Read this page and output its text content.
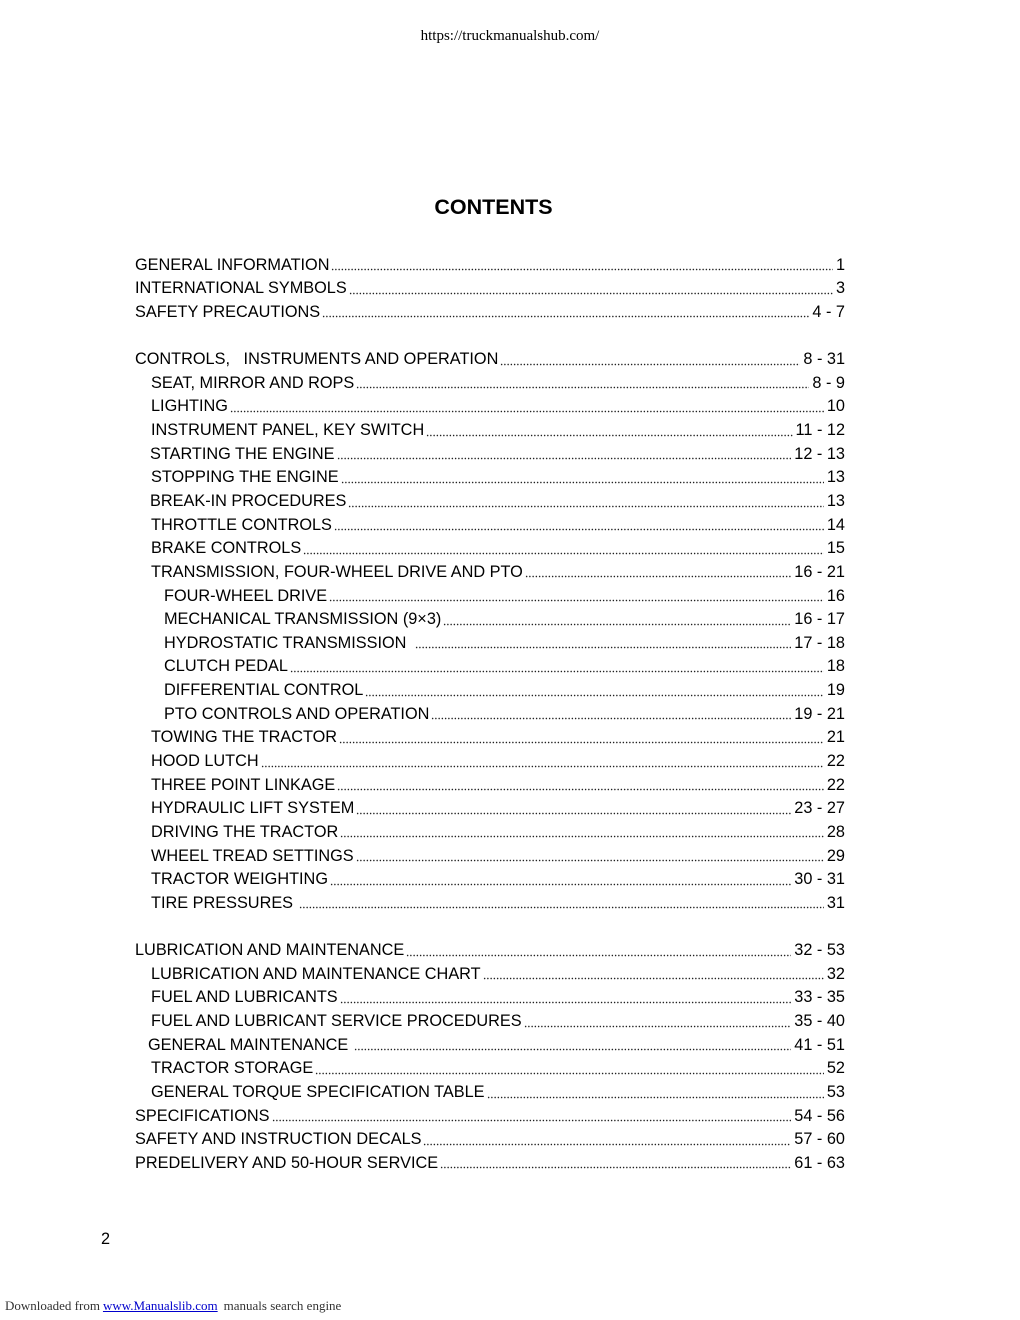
https://truckmanualshub.com/
CONTENTS
GENERAL INFORMATION	1
INTERNATIONAL SYMBOLS	3
SAFETY PRECAUTIONS	4 - 7
CONTROLS,   INSTRUMENTS AND OPERATION	8 - 31
SEAT, MIRROR AND ROPS	8 - 9
LIGHTING	10
INSTRUMENT PANEL, KEY SWITCH	11 - 12
STARTING THE ENGINE	12 - 13
STOPPING THE ENGINE	13
BREAK-IN PROCEDURES	13
THROTTLE CONTROLS	14
BRAKE CONTROLS	15
TRANSMISSION, FOUR-WHEEL DRIVE AND PTO	16 - 21
FOUR-WHEEL DRIVE	16
MECHANICAL TRANSMISSION (9×3)	16 - 17
HYDROSTATIC TRANSMISSION	17 - 18
CLUTCH PEDAL	18
DIFFERENTIAL CONTROL	19
PTO CONTROLS AND OPERATION	19 - 21
TOWING THE TRACTOR	21
HOOD LUTCH	22
THREE POINT LINKAGE	22
HYDRAULIC LIFT SYSTEM	23 - 27
DRIVING THE TRACTOR	28
WHEEL TREAD SETTINGS	29
TRACTOR WEIGHTING	30 - 31
TIRE PRESSURES	31
LUBRICATION AND MAINTENANCE	32 - 53
LUBRICATION AND MAINTENANCE CHART	32
FUEL AND LUBRICANTS	33 - 35
FUEL AND LUBRICANT SERVICE PROCEDURES	35 - 40
GENERAL MAINTENANCE	41 - 51
TRACTOR STORAGE	52
GENERAL TORQUE SPECIFICATION TABLE	53
SPECIFICATIONS	54 - 56
SAFETY AND INSTRUCTION DECALS	57 - 60
PREDELIVERY AND 50-HOUR SERVICE	61 - 63
2
Downloaded from www.Manualslib.com manuals search engine
